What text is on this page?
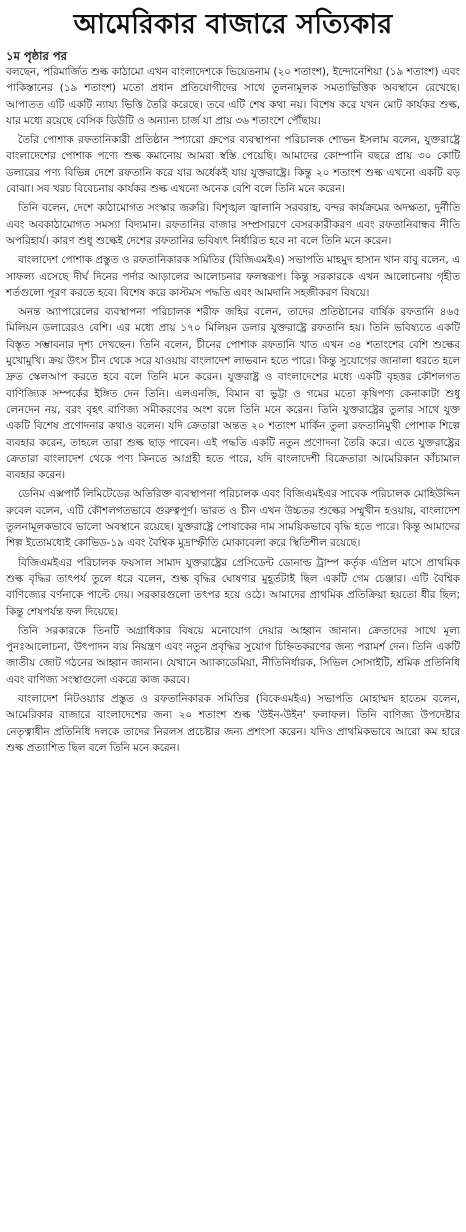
আমেরিকার বাজারে সত্যিকার
১ম পৃষ্ঠার পর

বলছেন, পরিমার্জিত শুল্ক কাঠামো এখন বাংলাদেশকে ভিয়েতনাম (২০ শতাংশ), ইন্দোনেশিয়া (১৯ শতাংশ) এবং পাকিস্তানের (১৯ শতাংশ) মতো প্রধান প্রতিযোগীদের সাথে তুলনামূলক সমতাভিত্তিক অবস্থানে রেখেছে। আপাতত এটি একটি ন্যায্য ভিত্তি তৈরি করেছে। তবে এটি শেষ কথা নয়। বিশেষ করে যখন মোট কার্যকর শুল্ক, যার মধ্যে রয়েছে বেসিক ডিউটি ও অন্যান্য চার্জ যা প্রায় ৩৬ শতাংশে পৌঁছায়।

তৈরি পোশাক রফতানিকারী প্রতিষ্ঠান স্প্যারো গ্রুপের ব্যবস্থাপনা পরিচালক শোভন ইসলাম বলেন, যুক্তরাষ্ট্রে বাংলাদেশের পোশাক পণ্যে শুল্ক কমানোয় আমরা স্বস্তি পেয়েছি। আমাদের কোম্পানি বছরে প্রায় ৩০ কোটি ডলারের পণ্য বিভিন্ন দেশে রফতানি করে যার অর্ধেকই যায় যুক্তরাষ্ট্রে। কিন্তু ২০ শতাংশ শুল্ক এখনো একটি বড় বোঝা। সব খরচ বিবেচনায় কার্যকর শুল্ক এখনো অনেক বেশি বলে তিনি মনে করেন।

তিনি বলেন, দেশে কাঠামোগত সংস্কার জরুরি। বিশৃঙ্খল জ্বালানি সরবরাহ, বন্দর কার্যক্রমের অদক্ষতা, দুর্নীতি এবং অবকাঠামোগত সমস্যা বিদ্যমান। রফতানির বাজার সম্প্রসারণে বেসরকারীকরণ এবং রফতানিবান্ধব নীতি অপরিহার্য। কারণ শুধু শুল্কেই দেশের রফতানির ভবিষ্যৎ নির্ধারিত হবে না বলে তিনি মনে করেন।

বাংলাদেশ পোশাক প্রস্তুত ও রফতানিকারক সমিতির (বিজিএমইএ) সভাপতি মাহমুদ হাসান খান বাবু বলেন, এ সাফল্য এসেছে দীর্ঘ দিনের পর্দার আড়ালের আলোচনার ফলস্বরূপ। কিন্তু সরকারকে এখন আলোচনায় গৃহীত শর্তগুলো পূরণ করতে হবে। বিশেষ করে কাস্টমস পদ্ধতি এবং আমদানি সহজীকরণ বিষয়ে।

অনন্ত অ্যাপারেলের ব্যবস্থাপনা পরিচালক শরীফ জহির বলেন, তাদের প্রতিষ্ঠানের বার্ষিক রফতানি ৪৬৫ মিলিয়ন ডলারেরও বেশি। এর মধ্যে প্রায় ১৭০ মিলিয়ন ডলার যুক্তরাষ্ট্রে রফতানি হয়। তিনি ভবিষ্যতে একটি বিস্তৃত সম্ভাবনার দৃশ্য দেখছেন। তিনি বলেন, চীনের পোশাক রফতানি খাত এখন ৩৪ শতাংশের বেশি শুল্কের মুখোমুখি। ক্রয় উৎস চীন থেকে সরে যাওয়ায় বাংলাদেশ লাভবান হতে পারে। কিন্তু সুযোগের জানালা ধরতে হলে দ্রুত স্কেলআপ করতে হবে বলে তিনি মনে করেন। যুক্তরাষ্ট্র ও বাংলাদেশের মধ্যে একটি বৃহত্তর কৌশলগত বাণিজ্যিক সম্পর্কের ইঙ্গিত দেন তিনি। এলএনজি, বিমান বা ভুট্টা ও গমের মতো কৃষিপণ্য কেনাকাটা শুধু লেনদেন নয়, বরং বৃহৎ বাণিজ্য সমীকরণের অংশ বলে তিনি মনে করেন। তিনি যুক্তরাষ্ট্রের তুলার সাথে যুক্ত একটি বিশেষ প্রণোদনার কথাও বলেন। যদি ক্রেতারা অন্তত ২০ শতাংশ মার্কিন তুলা রফতানিমুখী পোশাক শিল্পে ব্যবহার করেন, তাহলে তারা শুল্ক ছাড় পাবেন। এই পদ্ধতি একটি নতুন প্রণোদনা তৈরি করে। এতে যুক্তরাষ্ট্রের ক্রেতারা বাংলাদেশ থেকে পণ্য কিনতে আগ্রহী হতে পারে, যদি বাংলাদেশী বিক্রেতারা আমেরিকান কাঁচামাল ব্যবহার করেন।

ডেনিম এক্সপার্ট লিমিটেডের অতিরিক্ত ব্যবস্থাপনা পরিচালক এবং বিজিএমইএর সাবেক পরিচালক মোহিউদ্দিন রুবেল বলেন, এটি কৌশলগতভাবে গুরুত্বপূর্ণ। ভারত ও চীন এখন উচ্চতর শুল্কের সম্মুখীন হওয়ায়, বাংলাদেশ তুলনামূলকভাবে ভালো অবস্থানে রয়েছে। যুক্তরাষ্ট্রে পোষাকের দাম সাময়িকভাবে বৃদ্ধি হতে পারে। কিন্তু আমাদের শিল্প ইতোমধ্যেই কোভিড-১৯ এবং বৈশ্বিক মুদ্রাস্ফীতি মোকাবেলা করে স্থিতিশীল রয়েছে।

বিজিএমইএর পরিচালক ফয়সাল সামাদ যুক্তরাষ্ট্রের প্রেসিডেন্ট ডোনাল্ড ট্রাম্প কর্তৃক এপ্রিল মাসে প্রাথমিক শুল্ক বৃদ্ধির তাৎপর্য তুলে ধরে বলেন, শুল্ক বৃদ্ধির ঘোষণার মুহূর্তটাই ছিল একটি গেম চেঞ্জার। এটি বৈশ্বিক বাণিজ্যের বর্ণনাকে পাল্টে দেয়। সরকারগুলো তৎপর হয়ে ওঠে। আমাদের প্রাথমিক প্রতিক্রিয়া হয়তো ধীর ছিল; কিন্তু শেষপর্যন্ত ফল দিয়েছে।

তিনি সরকারকে তিনটি অগ্রাধিকার বিষয়ে মনোযোগ দেয়ার আহ্বান জানান। ক্রেতাদের সাথে মূল্য পুনঃআলোচনা, উৎপাদন ব্যয় নিয়ন্ত্রণ এবং নতুন প্রবৃদ্ধির সুযোগ চিহ্নিতকরণের জন্য পরামর্শ দেন। তিনি একটি জাতীয় জোট গঠনের আহ্বান জানান। যেখানে অ্যাকাডেমিয়া, নীতিনির্ধারক, সিভিল সোসাইটি, শ্রমিক প্রতিনিধি এবং বাণিজ্য সংস্থাগুলো একত্রে কাজ করবে।

বাংলাদেশ নিটওয়্যার প্রস্তুত ও রফতানিকারক সমিতির (বিকেএমইএ) সভাপতি মোহাম্মদ হাতেম বলেন, আমেরিকার বাজারে বাংলাদেশের জন্য ২০ শতাংশ শুল্ক 'উইন-উইন' ফলাফল। তিনি বাণিজ্য উপদেষ্টার নেতৃত্বাধীন প্রতিনিধি দলকে তাদের নিরলস প্রচেষ্টার জন্য প্রশংসা করেন। যদিও প্রাথমিকভাবে আরো কম হারে শুল্ক প্রত্যাশিত ছিল বলে তিনি মনে করেন।
